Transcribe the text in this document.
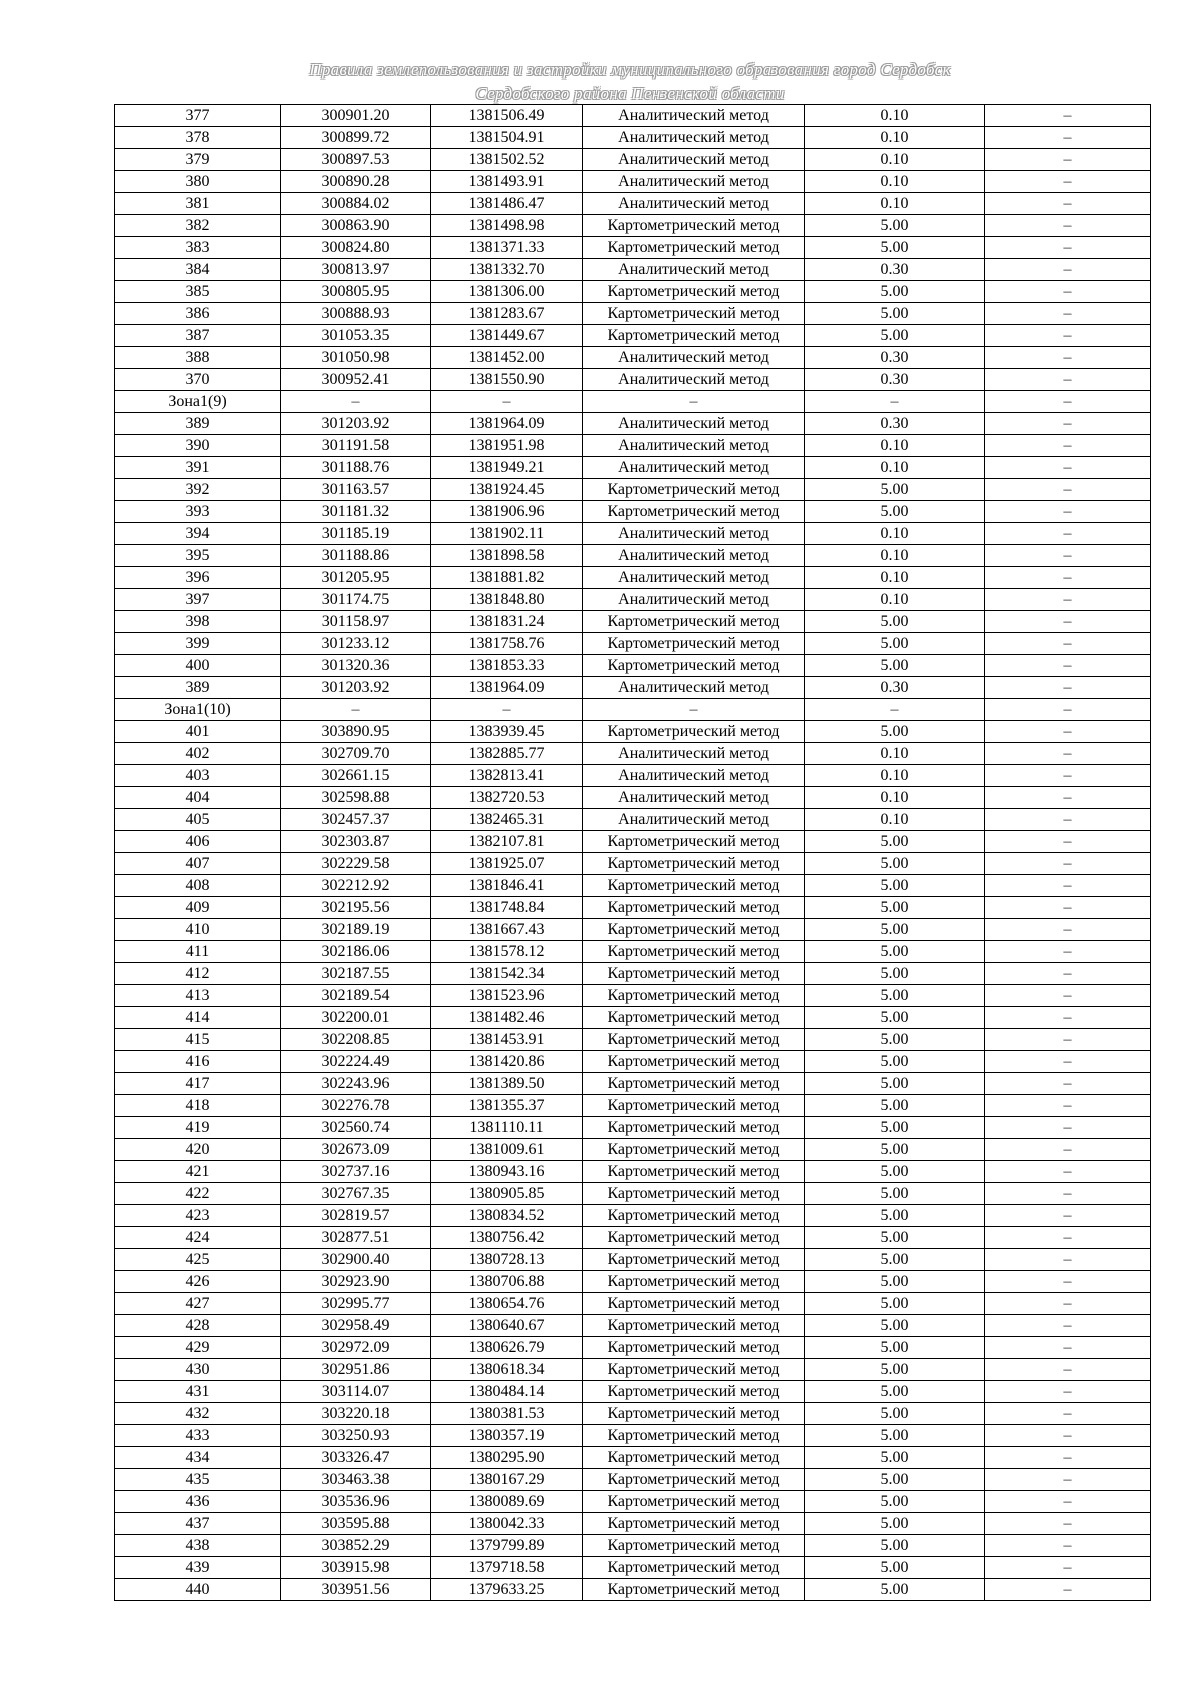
Правила землепользования и застройки муниципального образования город Сердобск
Сердобского района Пензенской области
377	300901.20	1381506.49	Аналитический метод	0.10	–
378	300899.72	1381504.91	Аналитический метод	0.10	–
379	300897.53	1381502.52	Аналитический метод	0.10	–
380	300890.28	1381493.91	Аналитический метод	0.10	–
381	300884.02	1381486.47	Аналитический метод	0.10	–
382	300863.90	1381498.98	Картометрический метод	5.00	–
383	300824.80	1381371.33	Картометрический метод	5.00	–
384	300813.97	1381332.70	Аналитический метод	0.30	–
385	300805.95	1381306.00	Картометрический метод	5.00	–
386	300888.93	1381283.67	Картометрический метод	5.00	–
387	301053.35	1381449.67	Картометрический метод	5.00	–
388	301050.98	1381452.00	Аналитический метод	0.30	–
370	300952.41	1381550.90	Аналитический метод	0.30	–
Зона1(9)	–	–	–	–	–
389	301203.92	1381964.09	Аналитический метод	0.30	–
390	301191.58	1381951.98	Аналитический метод	0.10	–
391	301188.76	1381949.21	Аналитический метод	0.10	–
392	301163.57	1381924.45	Картометрический метод	5.00	–
393	301181.32	1381906.96	Картометрический метод	5.00	–
394	301185.19	1381902.11	Аналитический метод	0.10	–
395	301188.86	1381898.58	Аналитический метод	0.10	–
396	301205.95	1381881.82	Аналитический метод	0.10	–
397	301174.75	1381848.80	Аналитический метод	0.10	–
398	301158.97	1381831.24	Картометрический метод	5.00	–
399	301233.12	1381758.76	Картометрический метод	5.00	–
400	301320.36	1381853.33	Картометрический метод	5.00	–
389	301203.92	1381964.09	Аналитический метод	0.30	–
Зона1(10)	–	–	–	–	–
401	303890.95	1383939.45	Картометрический метод	5.00	–
402	302709.70	1382885.77	Аналитический метод	0.10	–
403	302661.15	1382813.41	Аналитический метод	0.10	–
404	302598.88	1382720.53	Аналитический метод	0.10	–
405	302457.37	1382465.31	Аналитический метод	0.10	–
406	302303.87	1382107.81	Картометрический метод	5.00	–
407	302229.58	1381925.07	Картометрический метод	5.00	–
408	302212.92	1381846.41	Картометрический метод	5.00	–
409	302195.56	1381748.84	Картометрический метод	5.00	–
410	302189.19	1381667.43	Картометрический метод	5.00	–
411	302186.06	1381578.12	Картометрический метод	5.00	–
412	302187.55	1381542.34	Картометрический метод	5.00	–
413	302189.54	1381523.96	Картометрический метод	5.00	–
414	302200.01	1381482.46	Картометрический метод	5.00	–
415	302208.85	1381453.91	Картометрический метод	5.00	–
416	302224.49	1381420.86	Картометрический метод	5.00	–
417	302243.96	1381389.50	Картометрический метод	5.00	–
418	302276.78	1381355.37	Картометрический метод	5.00	–
419	302560.74	1381110.11	Картометрический метод	5.00	–
420	302673.09	1381009.61	Картометрический метод	5.00	–
421	302737.16	1380943.16	Картометрический метод	5.00	–
422	302767.35	1380905.85	Картометрический метод	5.00	–
423	302819.57	1380834.52	Картометрический метод	5.00	–
424	302877.51	1380756.42	Картометрический метод	5.00	–
425	302900.40	1380728.13	Картометрический метод	5.00	–
426	302923.90	1380706.88	Картометрический метод	5.00	–
427	302995.77	1380654.76	Картометрический метод	5.00	–
428	302958.49	1380640.67	Картометрический метод	5.00	–
429	302972.09	1380626.79	Картометрический метод	5.00	–
430	302951.86	1380618.34	Картометрический метод	5.00	–
431	303114.07	1380484.14	Картометрический метод	5.00	–
432	303220.18	1380381.53	Картометрический метод	5.00	–
433	303250.93	1380357.19	Картометрический метод	5.00	–
434	303326.47	1380295.90	Картометрический метод	5.00	–
435	303463.38	1380167.29	Картометрический метод	5.00	–
436	303536.96	1380089.69	Картометрический метод	5.00	–
437	303595.88	1380042.33	Картометрический метод	5.00	–
438	303852.29	1379799.89	Картометрический метод	5.00	–
439	303915.98	1379718.58	Картометрический метод	5.00	–
440	303951.56	1379633.25	Картометрический метод	5.00	–
